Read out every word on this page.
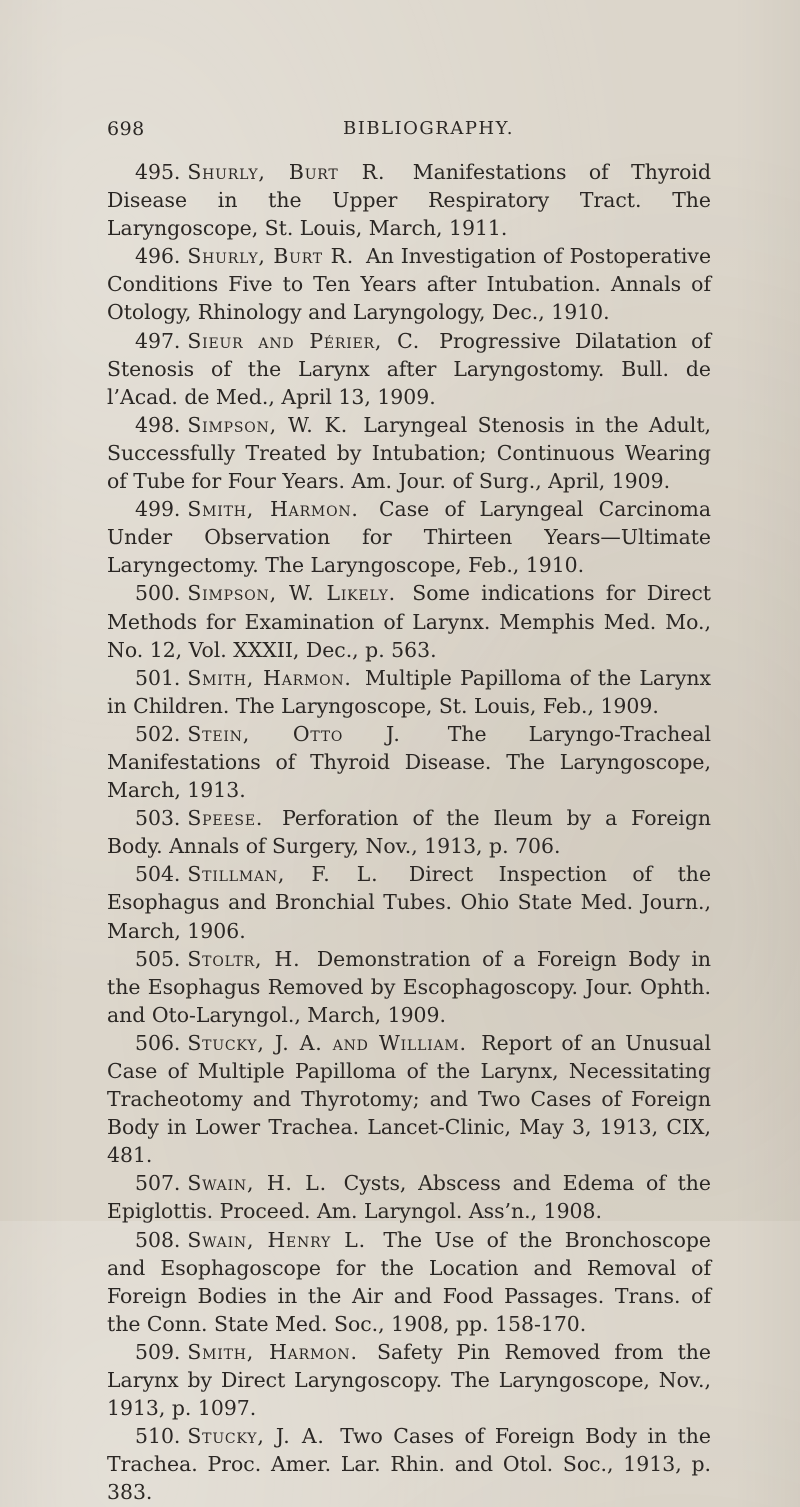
698	BIBLIOGRAPHY.

495. Shurly, Burt R. Manifestations of Thyroid Disease in the Upper Respiratory Tract. The Laryngoscope, St. Louis, March, 1911.

496. Shurly, Burt R. An Investigation of Postoperative Conditions Five to Ten Years after Intubation. Annals of Otology, Rhinology and Laryngology, Dec., 1910.

497. Sieur and Périer, C. Progressive Dilatation of Stenosis of the Larynx after Laryngostomy. Bull. de l’Acad. de Med., April 13, 1909.

498. Simpson, W. K. Laryngeal Stenosis in the Adult, Successfully Treated by Intubation; Continuous Wearing of Tube for Four Years. Am. Jour. of Surg., April, 1909.

499. Smith, Harmon. Case of Laryngeal Carcinoma Under Observation for Thirteen Years—Ultimate Laryngectomy. The Laryngoscope, Feb., 1910.

500. Simpson, W. Likely. Some indications for Direct Methods for Examination of Larynx. Memphis Med. Mo., No. 12, Vol. XXXII, Dec., p. 563.

501. Smith, Harmon. Multiple Papilloma of the Larynx in Children. The Laryngoscope, St. Louis, Feb., 1909.

502. Stein, Otto J. The Laryngo-Tracheal Manifestations of Thyroid Disease. The Laryngoscope, March, 1913.

503. Speese. Perforation of the Ileum by a Foreign Body. Annals of Surgery, Nov., 1913, p. 706.

504. Stillman, F. L. Direct Inspection of the Esophagus and Bronchial Tubes. Ohio State Med. Journ., March, 1906.

505. Stoltr, H. Demonstration of a Foreign Body in the Esophagus Removed by Escophagoscopy. Jour. Ophth. and Oto-Laryngol., March, 1909.

506. Stucky, J. A. and William. Report of an Unusual Case of Multiple Papilloma of the Larynx, Necessitating Tracheotomy and Thyrotomy; and Two Cases of Foreign Body in Lower Trachea. Lancet-Clinic, May 3, 1913, CIX, 481.

507. Swain, H. L. Cysts, Abscess and Edema of the Epiglottis. Proceed. Am. Laryngol. Ass’n., 1908.

508. Swain, Henry L. The Use of the Bronchoscope and Esophagoscope for the Location and Removal of Foreign Bodies in the Air and Food Passages. Trans. of the Conn. State Med. Soc., 1908, pp. 158-170.

509. Smith, Harmon. Safety Pin Removed from the Larynx by Direct Laryngoscopy. The Laryngoscope, Nov., 1913, p. 1097.

510. Stucky, J. A. Two Cases of Foreign Body in the Trachea. Proc. Amer. Lar. Rhin. and Otol. Soc., 1913, p. 383.
